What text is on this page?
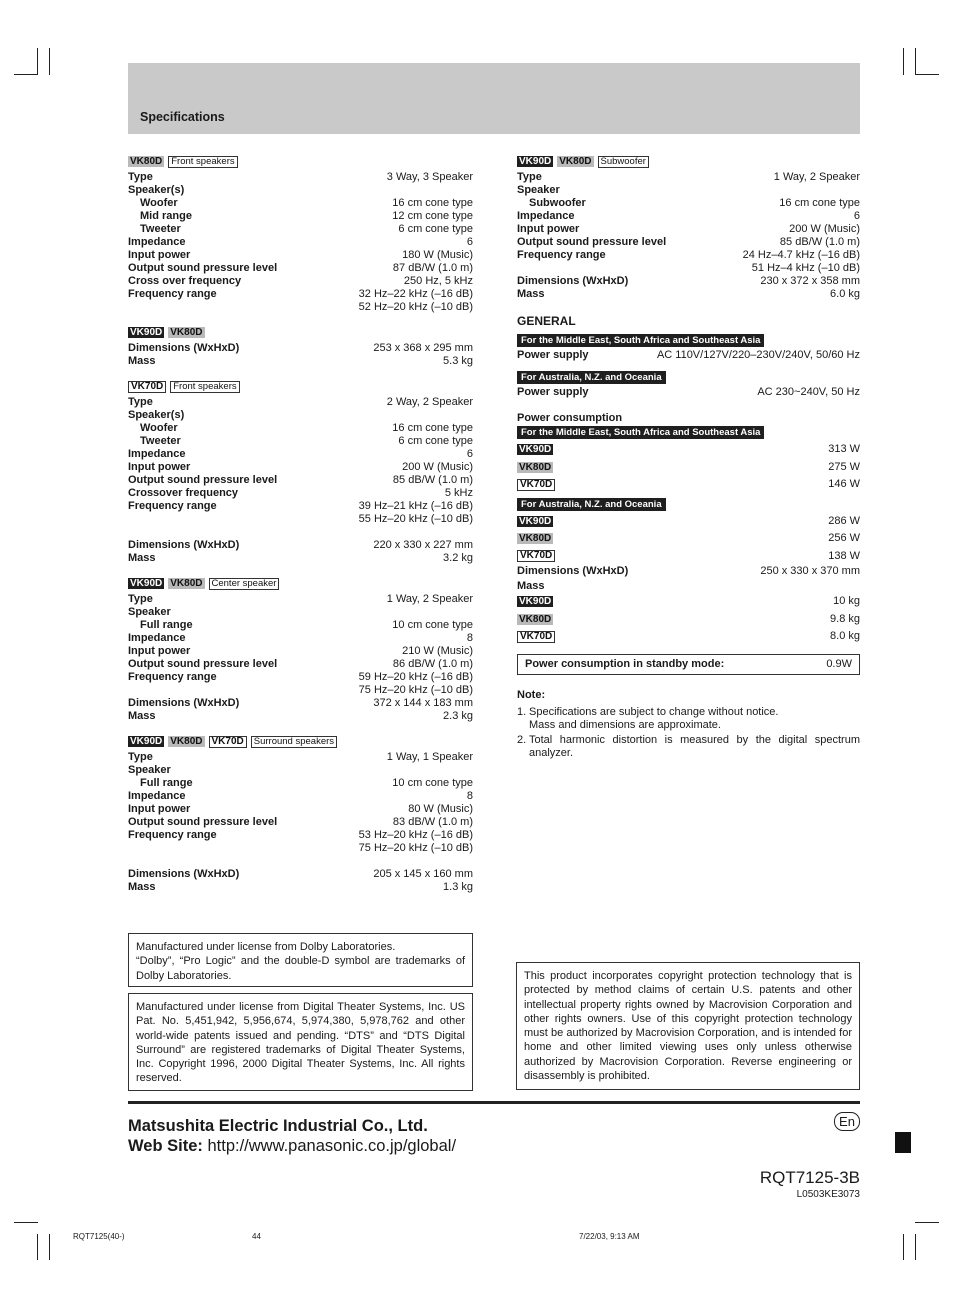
Specifications
VK80D Front speakers
Type	3 Way, 3 Speaker
Speaker(s)
Woofer	16 cm cone type
Mid range	12 cm cone type
Tweeter	6 cm cone type
Impedance	6
Input power	180 W (Music)
Output sound pressure level	87 dB/W (1.0 m)
Cross over frequency	250 Hz, 5 kHz
Frequency range	32 Hz–22 kHz (–16 dB)
52 Hz–20 kHz (–10 dB)
VK90D VK80D
Dimensions (WxHxD)	253 x 368 x 295 mm
Mass	5.3 kg
VK70D Front speakers
Type	2 Way, 2 Speaker
Speaker(s)
Woofer	16 cm cone type
Tweeter	6 cm cone type
Impedance	6
Input power	200 W (Music)
Output sound pressure level	85 dB/W (1.0 m)
Crossover frequency	5 kHz
Frequency range	39 Hz–21 kHz (–16 dB)
55 Hz–20 kHz (–10 dB)
Dimensions (WxHxD)	220 x 330 x 227 mm
Mass	3.2 kg
VK90D VK80D Center speaker
Type	1 Way, 2 Speaker
Speaker
Full range	10 cm cone type
Impedance	8
Input power	210 W (Music)
Output sound pressure level	86 dB/W (1.0 m)
Frequency range	59 Hz–20 kHz (–16 dB)
75 Hz–20 kHz (–10 dB)
Dimensions (WxHxD)	372 x 144 x 183 mm
Mass	2.3 kg
VK90D VK80D VK70D Surround speakers
Type	1 Way, 1 Speaker
Speaker
Full range	10 cm cone type
Impedance	8
Input power	80 W (Music)
Output sound pressure level	83 dB/W (1.0 m)
Frequency range	53 Hz–20 kHz (–16 dB)
75 Hz–20 kHz (–10 dB)
Dimensions (WxHxD)	205 x 145 x 160 mm
Mass	1.3 kg
VK90D VK80D Subwoofer
Type	1 Way, 2 Speaker
Speaker
Subwoofer	16 cm cone type
Impedance	6
Input power	200 W (Music)
Output sound pressure level	85 dB/W (1.0 m)
Frequency range	24 Hz–4.7 kHz (–16 dB)
51 Hz–4 kHz (–10 dB)
Dimensions (WxHxD)	230 x 372 x 358 mm
Mass	6.0 kg
GENERAL
For the Middle East, South Africa and Southeast Asia
Power supply	AC 110V/127V/220–230V/240V, 50/60 Hz
For Australia, N.Z. and Oceania
Power supply	AC 230~240V, 50 Hz
Power consumption
For the Middle East, South Africa and Southeast Asia
VK90D	313 W
VK80D	275 W
VK70D	146 W
For Australia, N.Z. and Oceania
VK90D	286 W
VK80D	256 W
VK70D	138 W
Dimensions (WxHxD)	250 x 330 x 370 mm
Mass
VK90D	10 kg
VK80D	9.8 kg
VK70D	8.0 kg
Power consumption in standby mode:	0.9W
Note:
1. Specifications are subject to change without notice.
Mass and dimensions are approximate.
2. Total harmonic distortion is measured by the digital spectrum analyzer.

Manufactured under license from Dolby Laboratories.

“Dolby”, “Pro Logic” and the double-D symbol are trademarks of Dolby Laboratories.

Manufactured under license from Digital Theater Systems, Inc. US Pat. No. 5,451,942, 5,956,674, 5,974,380, 5,978,762 and other world-wide patents issued and pending. “DTS” and “DTS Digital Surround” are registered trademarks of Digital Theater Systems, Inc. Copyright 1996, 2000 Digital Theater Systems, Inc. All rights reserved.

This product incorporates copyright protection technology that is protected by method claims of certain U.S. patents and other intellectual property rights owned by Macrovision Corporation and other rights owners. Use of this copyright protection technology must be authorized by Macrovision Corporation, and is intended for home and other limited viewing uses only unless otherwise authorized by Macrovision Corporation. Reverse engineering or disassembly is prohibited.

Matsushita Electric Industrial Co., Ltd.
Web Site: http://www.panasonic.co.jp/global/
En
RQT7125-3B
L0503KE3073
RQT7125(40-)	44	7/22/03, 9:13 AM
